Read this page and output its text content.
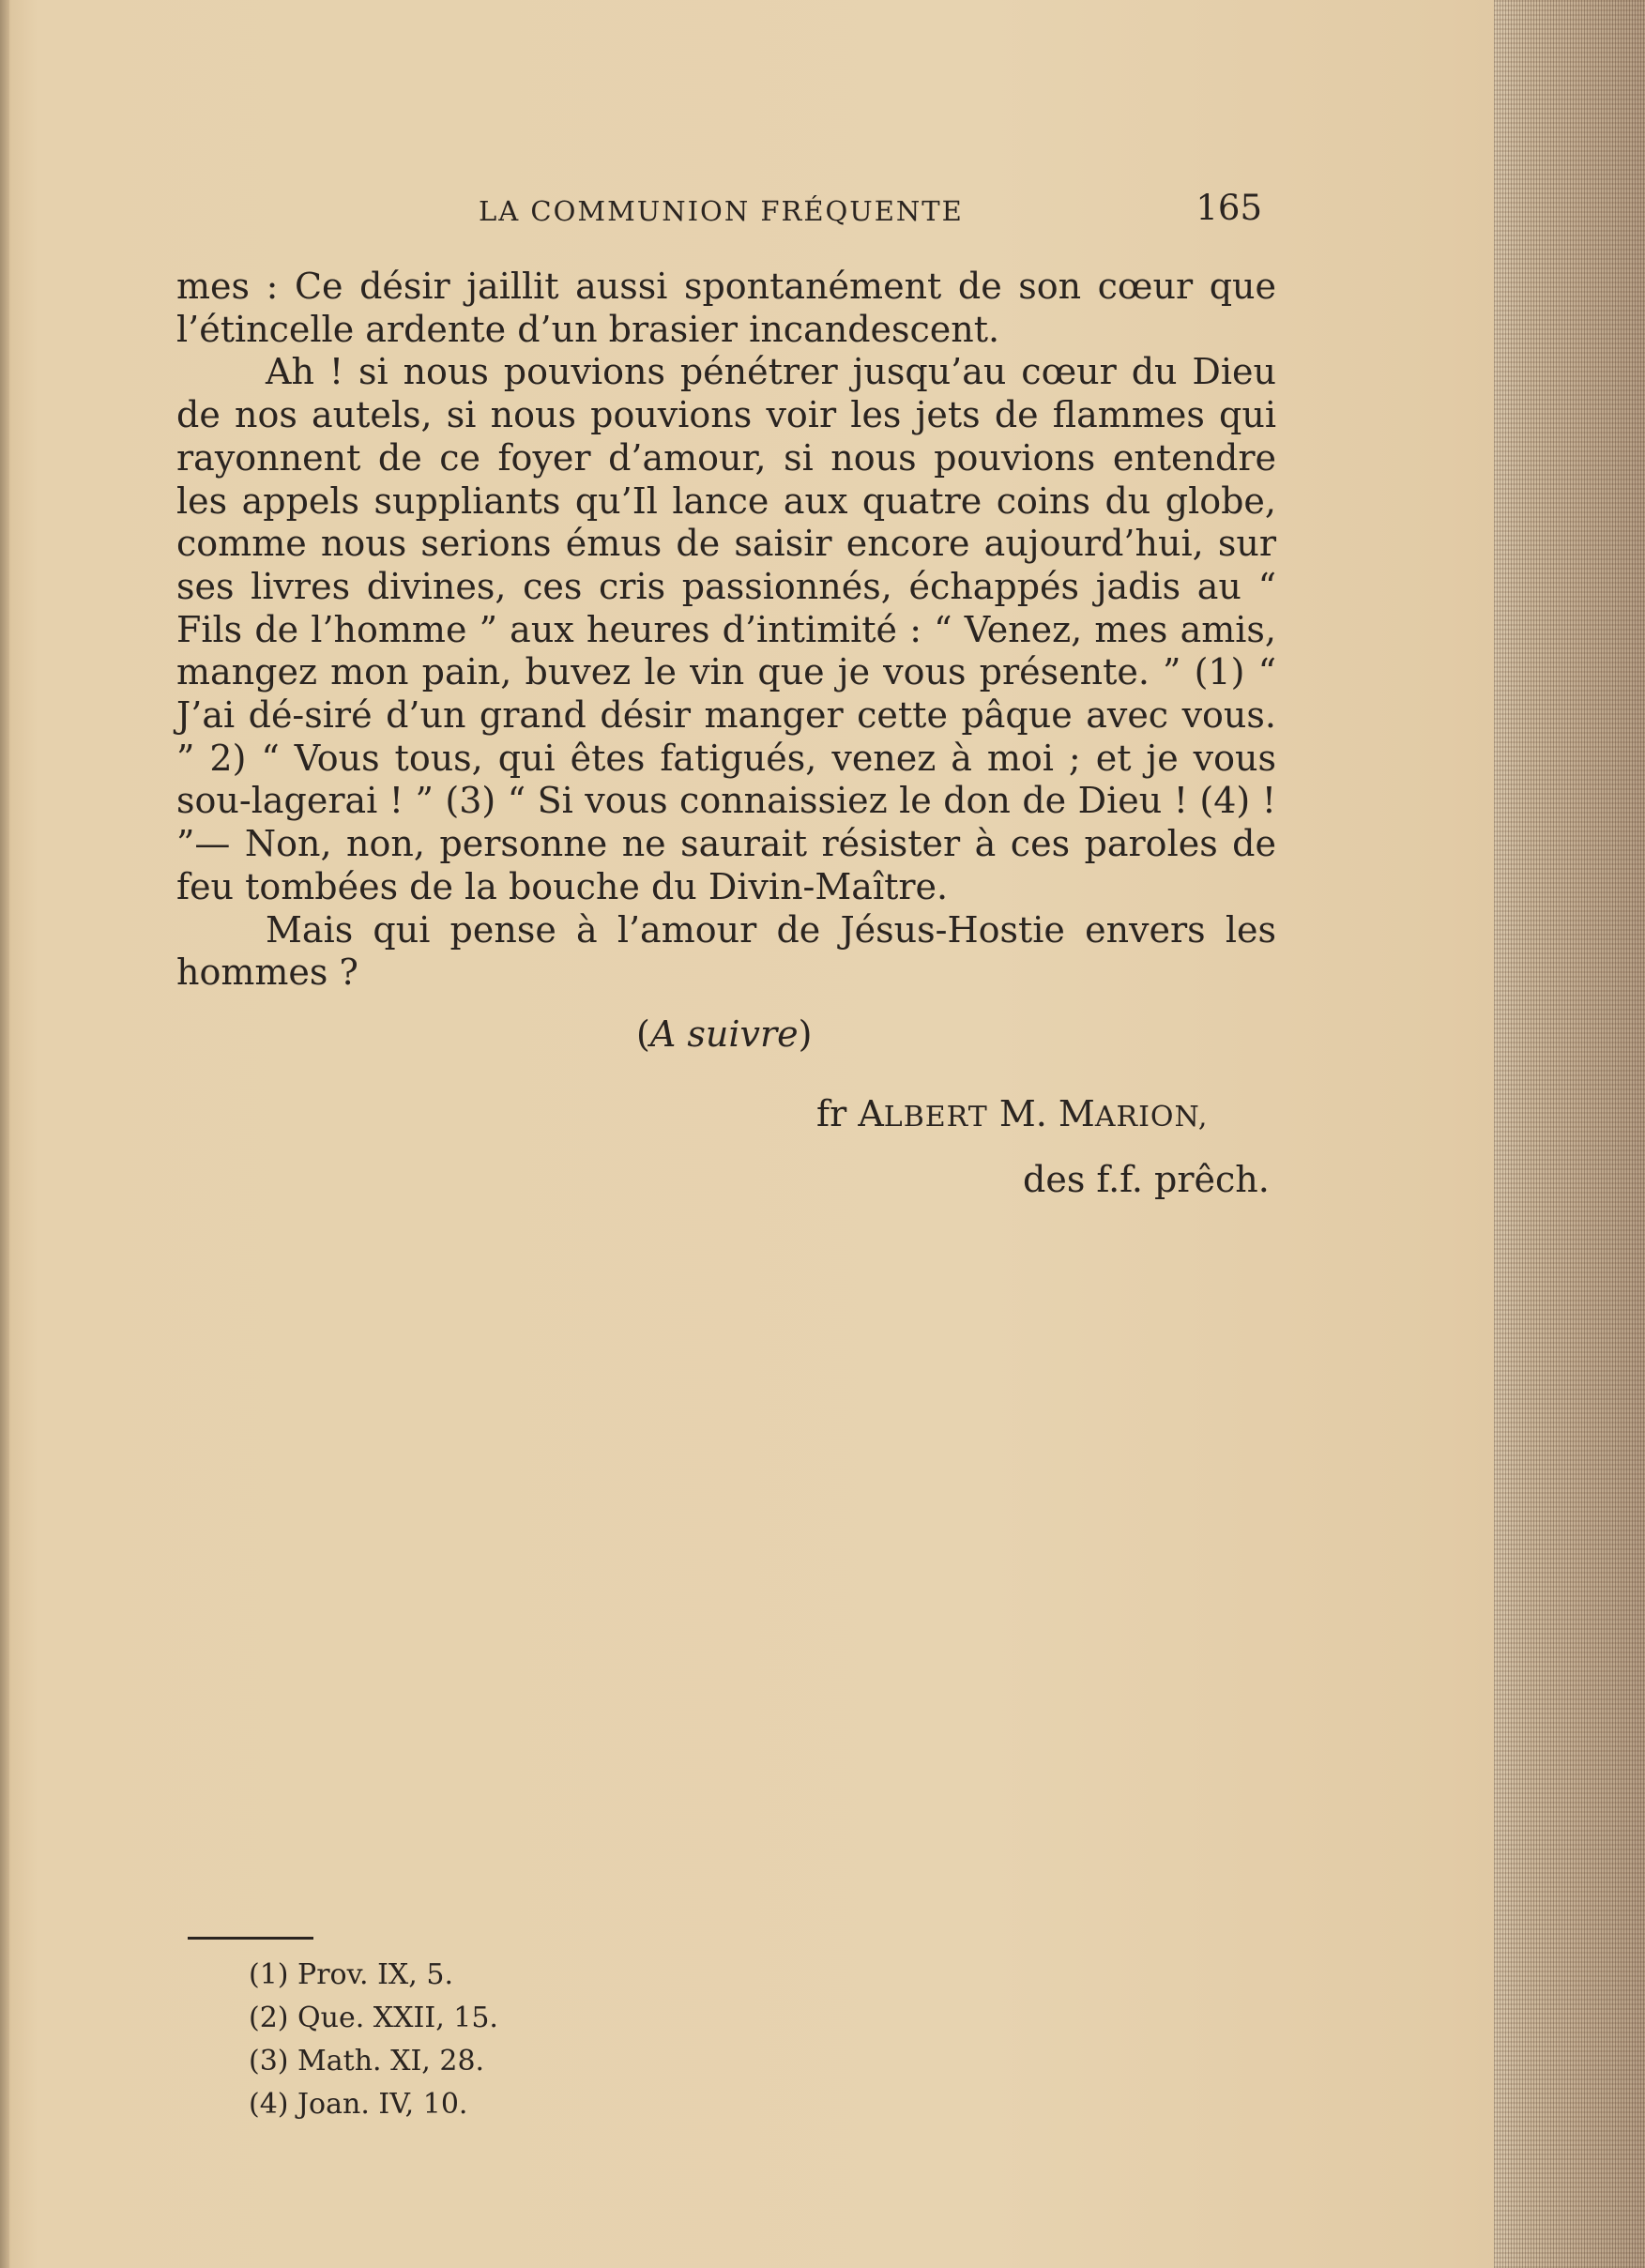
LA COMMUNION FRÉQUENTE	165

mes : Ce désir jaillit aussi spontanément de son cœur que l’étincelle ardente d’un brasier incandescent.

Ah ! si nous pouvions pénétrer jusqu’au cœur du Dieu de nos autels, si nous pouvions voir les jets de flammes qui rayonnent de ce foyer d’amour, si nous pouvions entendre les appels suppliants qu’Il lance aux quatre coins du globe, comme nous serions émus de saisir encore aujourd’hui, sur ses livres divines, ces cris passionnés, échappés jadis au “ Fils de l’homme ” aux heures d’intimité : “ Venez, mes amis, mangez mon pain, buvez le vin que je vous présente. ” (1) “ J’ai dé-siré d’un grand désir manger cette pâque avec vous. ” 2) “ Vous tous, qui êtes fatigués, venez à moi ; et je vous sou-lagerai ! ” (3) “ Si vous connaissiez le don de Dieu ! (4) ! ”— Non, non, personne ne saurait résister à ces paroles de feu tombées de la bouche du Divin-Maître.

Mais qui pense à l’amour de Jésus-Hostie envers les hommes ?

(A suivre)
fr ALBERT M. MARION,
des f.f. prêch.
(1) Prov. IX, 5.
(2) Que. XXII, 15.
(3) Math. XI, 28.
(4) Joan. IV, 10.
